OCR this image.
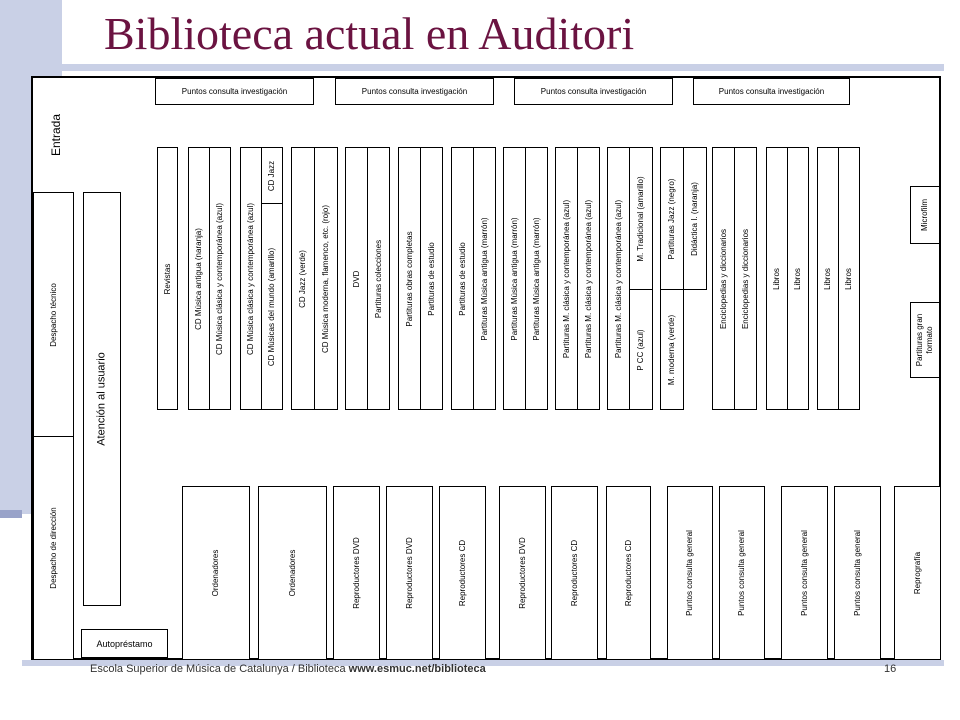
Biblioteca actual en Auditori
Entrada
Puntos consulta investigación	Puntos consulta investigación	Puntos consulta investigación	Puntos consulta investigación
Despacho técnico
Despacho de dirección
Atención al usuario
Autopréstamo
Revistas	CD Música antigua (naranja) CD Música clásica y contemporánea (azul)	CD Música clásica y contemporánea (azul)
CD Jazz
CD Músicas del mundo (amarillo)	CD Jazz (verde) CD Música moderna, flamenco, etc. (rojo)	DVD Partituras colecciones	Partituras obras completas Partituras de estudio	Partituras de estudio Partituras Música antigua (marrón)	Partituras Música antigua (marrón) Partituras Música antigua (marrón)	Partituras M. clásica y contemporánea (azul) Partituras M. clásica y contemporánea (azul)	Partituras M. clásica y contemporánea (azul) M. Tradicional (amarillo)
P CC (azul)
Partituras Jazz (negro)
M. moderna (verde)
Didáctica I. (naranja)
Enciclopedias y diccionarios Enciclopedias y diccionarios	Libros Libros	Libros Libros
Microfilm
Partituras gran formato
Ordenadores	Ordenadores	Reproductores DVD	Reproductores DVD	Reproductores CD	Reproductores DVD	Reproductores CD	Reproductores CD	Puntos consulta general	Puntos consulta general	Puntos consulta general	Puntos consulta general	Reprografía
Escola Superior de Música de Catalunya / Biblioteca www.esmuc.net/biblioteca	16
